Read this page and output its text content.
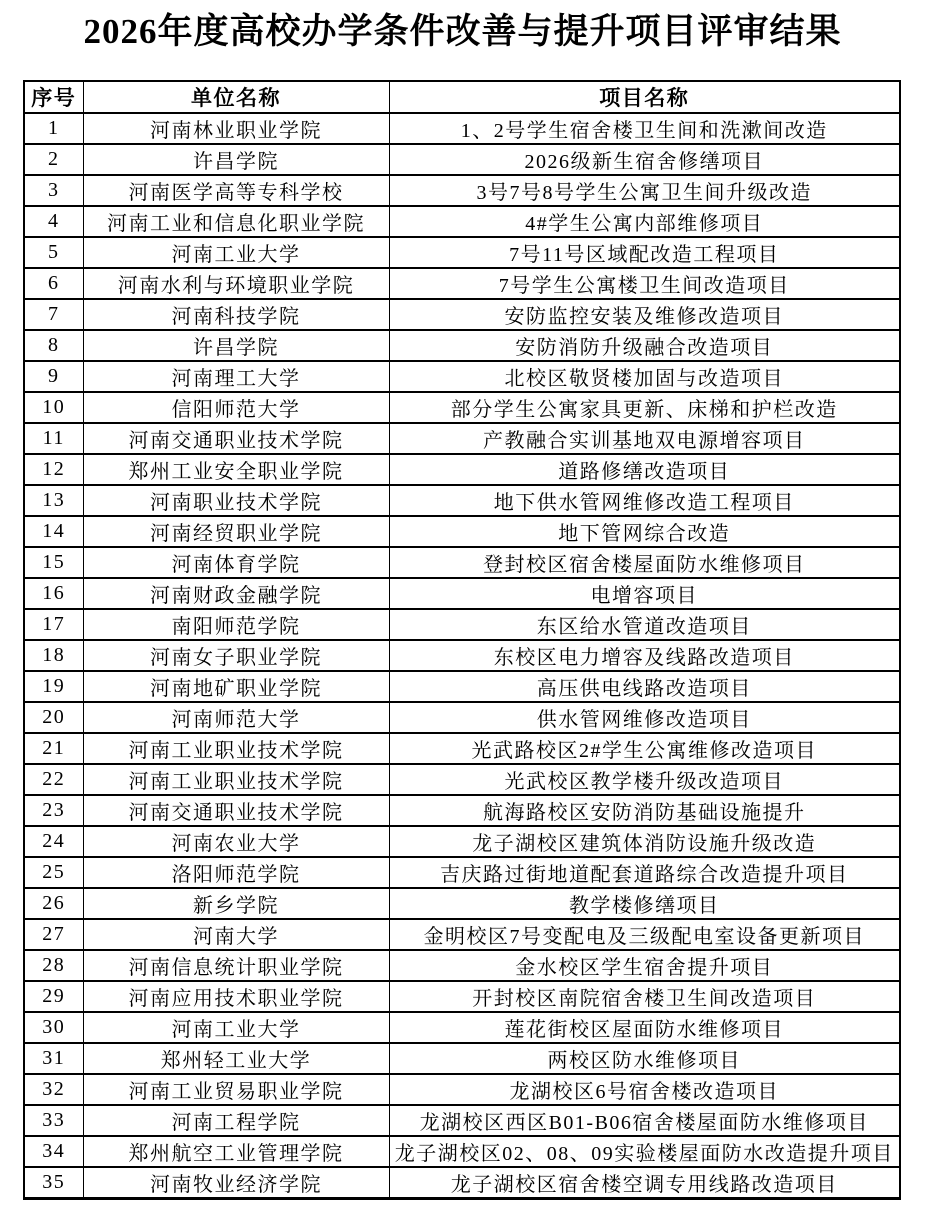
2026年度高校办学条件改善与提升项目评审结果
序号	单位名称	项目名称
1	河南林业职业学院	1、2号学生宿舍楼卫生间和洗漱间改造
2	许昌学院	2026级新生宿舍修缮项目
3	河南医学高等专科学校	3号7号8号学生公寓卫生间升级改造
4	河南工业和信息化职业学院	4#学生公寓内部维修项目
5	河南工业大学	7号11号区域配改造工程项目
6	河南水利与环境职业学院	7号学生公寓楼卫生间改造项目
7	河南科技学院	安防监控安装及维修改造项目
8	许昌学院	安防消防升级融合改造项目
9	河南理工大学	北校区敬贤楼加固与改造项目
10	信阳师范大学	部分学生公寓家具更新、床梯和护栏改造
11	河南交通职业技术学院	产教融合实训基地双电源增容项目
12	郑州工业安全职业学院	道路修缮改造项目
13	河南职业技术学院	地下供水管网维修改造工程项目
14	河南经贸职业学院	地下管网综合改造
15	河南体育学院	登封校区宿舍楼屋面防水维修项目
16	河南财政金融学院	电增容项目
17	南阳师范学院	东区给水管道改造项目
18	河南女子职业学院	东校区电力增容及线路改造项目
19	河南地矿职业学院	高压供电线路改造项目
20	河南师范大学	供水管网维修改造项目
21	河南工业职业技术学院	光武路校区2#学生公寓维修改造项目
22	河南工业职业技术学院	光武校区教学楼升级改造项目
23	河南交通职业技术学院	航海路校区安防消防基础设施提升
24	河南农业大学	龙子湖校区建筑体消防设施升级改造
25	洛阳师范学院	吉庆路过街地道配套道路综合改造提升项目
26	新乡学院	教学楼修缮项目
27	河南大学	金明校区7号变配电及三级配电室设备更新项目
28	河南信息统计职业学院	金水校区学生宿舍提升项目
29	河南应用技术职业学院	开封校区南院宿舍楼卫生间改造项目
30	河南工业大学	莲花街校区屋面防水维修项目
31	郑州轻工业大学	两校区防水维修项目
32	河南工业贸易职业学院	龙湖校区6号宿舍楼改造项目
33	河南工程学院	龙湖校区西区B01-B06宿舍楼屋面防水维修项目
34	郑州航空工业管理学院	龙子湖校区02、08、09实验楼屋面防水改造提升项目
35	河南牧业经济学院	龙子湖校区宿舍楼空调专用线路改造项目
